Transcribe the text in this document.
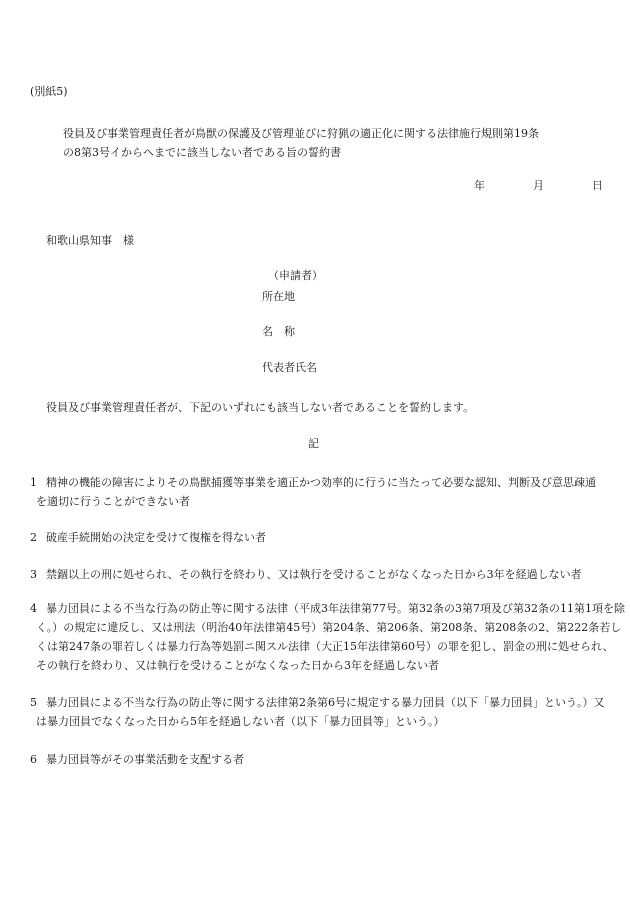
(別紙5)
役員及び事業管理責任者が鳥獣の保護及び管理並びに狩猟の適正化に関する法律施行規則第19条
の8第3号イからヘまでに該当しない者である旨の誓約書
年	月	日
和歌山県知事　様
（申請者）
所在地
名　称
代表者氏名
役員及び事業管理責任者が、下記のいずれにも該当しない者であることを誓約します。
記
1 精神の機能の障害によりその鳥獣捕獲等事業を適正かつ効率的に行うに当たって必要な認知、判断及び意思疎通
を適切に行うことができない者
2 破産手続開始の決定を受けて復権を得ない者
3 禁錮以上の刑に処せられ、その執行を終わり、又は執行を受けることがなくなった日から3年を経過しない者
4 暴力団員による不当な行為の防止等に関する法律（平成3年法律第77号。第32条の3第7項及び第32条の11第1項を除
く。）の規定に違反し、又は刑法（明治40年法律第45号）第204条、第206条、第208条、第208条の2、第222条若し
くは第247条の罪若しくは暴力行為等処罰ニ関スル法律（大正15年法律第60号）の罪を犯し、罰金の刑に処せられ、
その執行を終わり、又は執行を受けることがなくなった日から3年を経過しない者
5 暴力団員による不当な行為の防止等に関する法律第2条第6号に規定する暴力団員（以下「暴力団員」という。）又
は暴力団員でなくなった日から5年を経過しない者（以下「暴力団員等」という。）
6 暴力団員等がその事業活動を支配する者
